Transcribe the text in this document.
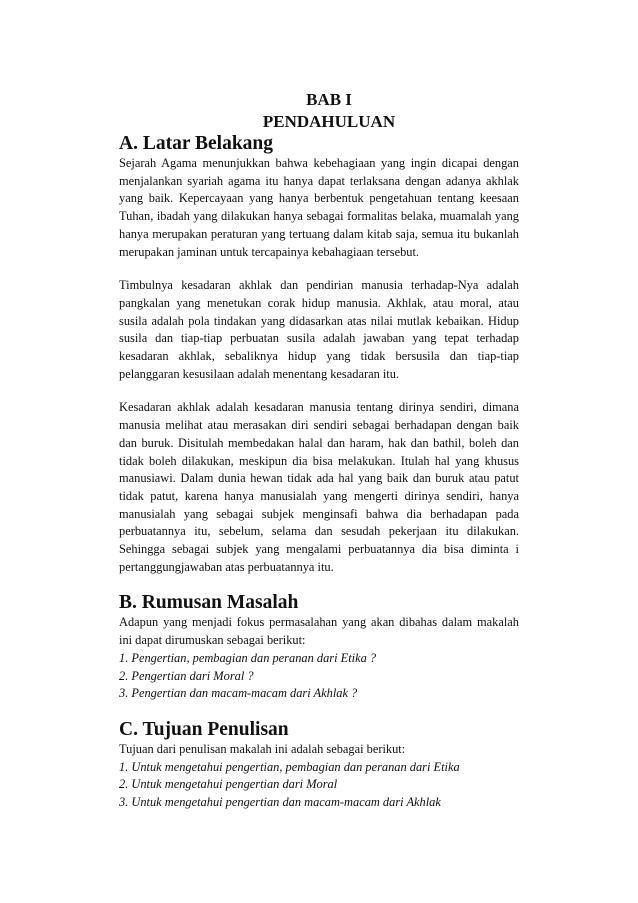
BAB I

PENDAHULUAN

A. Latar Belakang

Sejarah Agama menunjukkan bahwa kebehagiaan yang ingin dicapai dengan menjalankan syariah agama itu hanya dapat terlaksana dengan adanya akhlak yang baik. Kepercayaan yang hanya berbentuk pengetahuan tentang keesaan Tuhan, ibadah yang dilakukan hanya sebagai formalitas belaka, muamalah yang hanya merupakan peraturan yang tertuang dalam kitab saja, semua itu bukanlah merupakan jaminan untuk tercapainya kebahagiaan tersebut.

Timbulnya kesadaran akhlak dan pendirian manusia terhadap-Nya adalah pangkalan yang menetukan corak hidup manusia. Akhlak, atau moral, atau susila adalah pola tindakan yang didasarkan atas nilai mutlak kebaikan. Hidup susila dan tiap-tiap perbuatan susila adalah jawaban yang tepat terhadap kesadaran akhlak, sebaliknya hidup yang tidak bersusila dan tiap-tiap pelanggaran kesusilaan adalah menentang kesadaran itu.

Kesadaran akhlak adalah kesadaran manusia tentang dirinya sendiri, dimana manusia melihat atau merasakan diri sendiri sebagai berhadapan dengan baik dan buruk. Disitulah membedakan halal dan haram, hak dan bathil, boleh dan tidak boleh dilakukan, meskipun dia bisa melakukan. Itulah hal yang khusus manusiawi. Dalam dunia hewan tidak ada hal yang baik dan buruk atau patut tidak patut, karena hanya manusialah yang mengerti dirinya sendiri, hanya manusialah yang sebagai subjek menginsafi bahwa dia berhadapan pada perbuatannya itu, sebelum, selama dan sesudah pekerjaan itu dilakukan. Sehingga sebagai subjek yang mengalami perbuatannya dia bisa diminta i pertanggungjawaban atas perbuatannya itu.

B. Rumusan Masalah

Adapun yang menjadi fokus permasalahan yang akan dibahas dalam makalah ini dapat dirumuskan sebagai berikut:

1. Pengertian, pembagian dan peranan dari Etika ?
2. Pengertian dari Moral ?
3. Pengertian dan macam-macam dari Akhlak ?
C. Tujuan Penulisan

Tujuan dari penulisan makalah ini adalah sebagai berikut:

1. Untuk mengetahui pengertian, pembagian dan peranan dari Etika
2. Untuk mengetahui pengertian dari Moral
3. Untuk mengetahui pengertian dan macam-macam dari Akhlak
